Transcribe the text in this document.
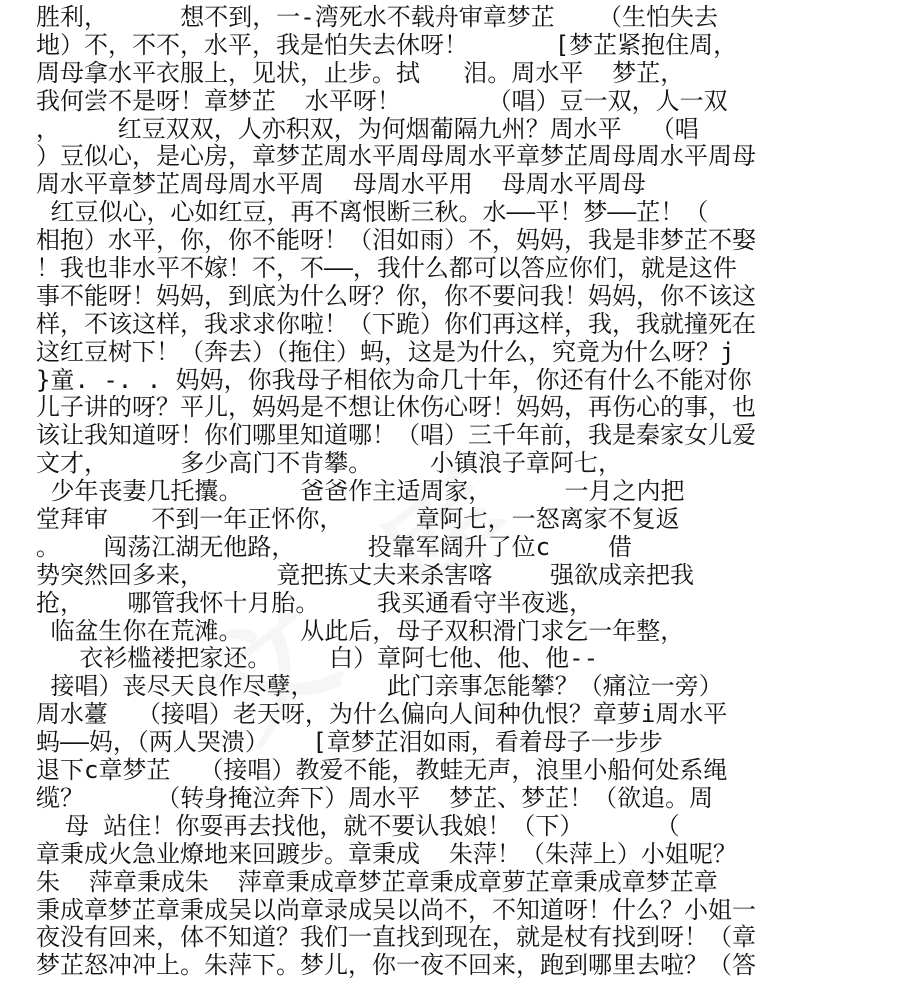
胜利，     想不到，一-湾死水不载舟审章梦芷   （生怕失去
地）不，不不，水平，我是怕失去休呀！      [梦芷紧抱住周，
周母拿水平衣服上，见状，止步。拭   泪。周水平  梦芷，
我何尝不是呀！章梦芷  水平呀！      （唱）豆一双，人一双
，    红豆双双，人亦积双，为何烟葡隔九州？周水平  （唱
）豆似心，是心房，章梦芷周水平周母周水平章梦芷周母周水平周母
周水平章梦芷周母周水平周  母周水平用  母周水平周母
红豆似心，心如红豆，再不离恨断三秋。水——平！梦——芷！（
相抱）水平，你，你不能呀！（泪如雨）不，妈妈，我是非梦芷不娶
！我也非水平不嫁！不，不——，我什么都可以答应你们，就是这件
事不能呀！妈妈，到底为什么呀？你，你不要问我！妈妈，你不该这
样，不该这样，我求求你啦！（下跪）你们再这样，我，我就撞死在
这红豆树下！（奔去）（拖住）蚂，这是为什么，究竟为什么呀？j
}童. -. . 妈妈，你我母子相依为命几十年，你还有什么不能对你
儿子讲的呀？平儿，妈妈是不想让休伤心呀！妈妈，再伤心的事，也
该让我知道呀！你们哪里知道哪！（唱）三千年前，我是秦家女儿爱
文才，     多少高门不肯攀。    小镇浪子章阿七，
少年丧妻几托攮。    爸爸作主适周家，     一月之内把
堂拜审   不到一年正怀你，     章阿七，一怒离家不复返
。   闯荡江湖无他路，     投靠军阔升了位c    借
势突然回多来，     竟把拣丈夫来杀害喀    强欲成亲把我
抢，   哪管我怀十月胎。    我买通看守半夜逃，
临盆生你在荒滩。    从此后，母子双积滑门求乞一年整，
衣衫槛褛把家还。    白）章阿七他、他、他--
接唱）丧尽天良作尽孽，     此门亲事怎能攀？（痛泣一旁）
周水薹  （接唱）老天呀，为什么偏向人间种仇恨？章萝i周水平
蚂——妈，（两人哭溃）   [章梦芷泪如雨，看着母子一步步
退下c章梦芷  （接唱）教爱不能，教蛙无声，浪里小船何处系绳
缆？     （转身掩泣奔下）周水平  梦芷、梦芷！（欲追。周
母 站住！你耍再去找他，就不要认我娘！（下）     （
章秉成火急业燎地来回踱步。章秉成  朱萍！（朱萍上）小姐呢？
朱  萍章秉成朱  萍章秉成章梦芷章秉成章萝芷章秉成章梦芷章
秉成章梦芷章秉成吴以尚章录成吴以尚不，不知道呀！什么？小姐一
夜没有回来，体不知道？我们一直找到现在，就是杖有找到呀！（章
梦芷怒冲冲上。朱萍下。梦儿，你一夜不回来，跑到哪里去啦？（答
